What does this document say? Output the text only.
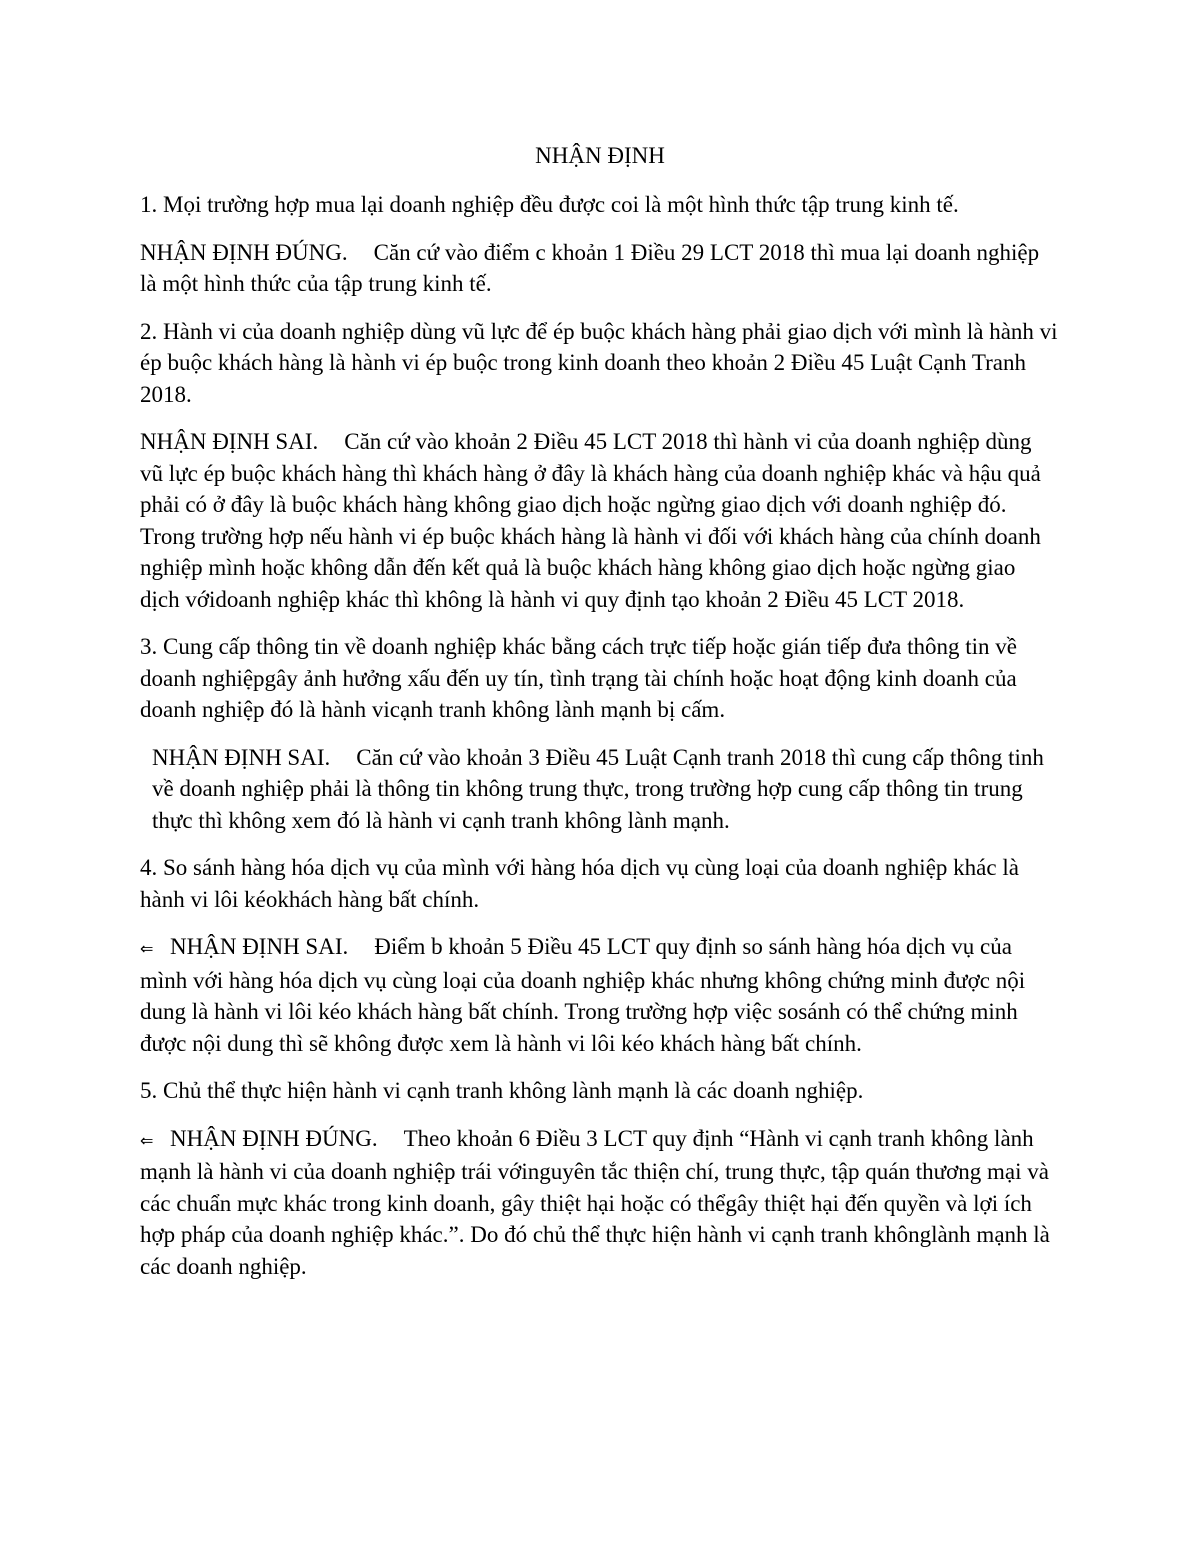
NHẬN ĐỊNH

1. Mọi trường hợp mua lại doanh nghiệp đều được coi là một hình thức tập trung kinh tế.

NHẬN ĐỊNH ĐÚNG. Căn cứ vào điểm c khoản 1 Điều 29 LCT 2018 thì mua lại doanh nghiệp là một hình thức của tập trung kinh tế.

2. Hành vi của doanh nghiệp dùng vũ lực để ép buộc khách hàng phải giao dịch với mình là hành vi ép buộc khách hàng là hành vi ép buộc trong kinh doanh theo khoản 2 Điều 45 Luật Cạnh Tranh 2018.

NHẬN ĐỊNH SAI. Căn cứ vào khoản 2 Điều 45 LCT 2018 thì hành vi của doanh nghiệp dùng vũ lực ép buộc khách hàng thì khách hàng ở đây là khách hàng của doanh nghiệp khác và hậu quả phải có ở đây là buộc khách hàng không giao dịch hoặc ngừng giao dịch với doanh nghiệp đó. Trong trường hợp nếu hành vi ép buộc khách hàng là hành vi đối với khách hàng của chính doanh nghiệp mình hoặc không dẫn đến kết quả là buộc khách hàng không giao dịch hoặc ngừng giao dịch vớidoanh nghiệp khác thì không là hành vi quy định tạo khoản 2 Điều 45 LCT 2018.

3. Cung cấp thông tin về doanh nghiệp khác bằng cách trực tiếp hoặc gián tiếp đưa thông tin về doanh nghiệpgây ảnh hưởng xấu đến uy tín, tình trạng tài chính hoặc hoạt động kinh doanh của doanh nghiệp đó là hành vicạnh tranh không lành mạnh bị cấm.

NHẬN ĐỊNH SAI. Căn cứ vào khoản 3 Điều 45 Luật Cạnh tranh 2018 thì cung cấp thông tinh về doanh nghiệp phải là thông tin không trung thực, trong trường hợp cung cấp thông tin trung thực thì không xem đó là hành vi cạnh tranh không lành mạnh.

4. So sánh hàng hóa dịch vụ của mình với hàng hóa dịch vụ cùng loại của doanh nghiệp khác là hành vi lôi kéokhách hàng bất chính.

⇐ NHẬN ĐỊNH SAI. Điểm b khoản 5 Điều 45 LCT quy định so sánh hàng hóa dịch vụ của mình với hàng hóa dịch vụ cùng loại của doanh nghiệp khác nhưng không chứng minh được nội dung là hành vi lôi kéo khách hàng bất chính. Trong trường hợp việc sosánh có thể chứng minh được nội dung thì sẽ không được xem là hành vi lôi kéo khách hàng bất chính.

5. Chủ thể thực hiện hành vi cạnh tranh không lành mạnh là các doanh nghiệp.

⇐ NHẬN ĐỊNH ĐÚNG. Theo khoản 6 Điều 3 LCT quy định “Hành vi cạnh tranh không lành mạnh là hành vi của doanh nghiệp trái vớinguyên tắc thiện chí, trung thực, tập quán thương mại và các chuẩn mực khác trong kinh doanh, gây thiệt hại hoặc có thểgây thiệt hại đến quyền và lợi ích hợp pháp của doanh nghiệp khác.”. Do đó chủ thể thực hiện hành vi cạnh tranh khônglành mạnh là các doanh nghiệp.
